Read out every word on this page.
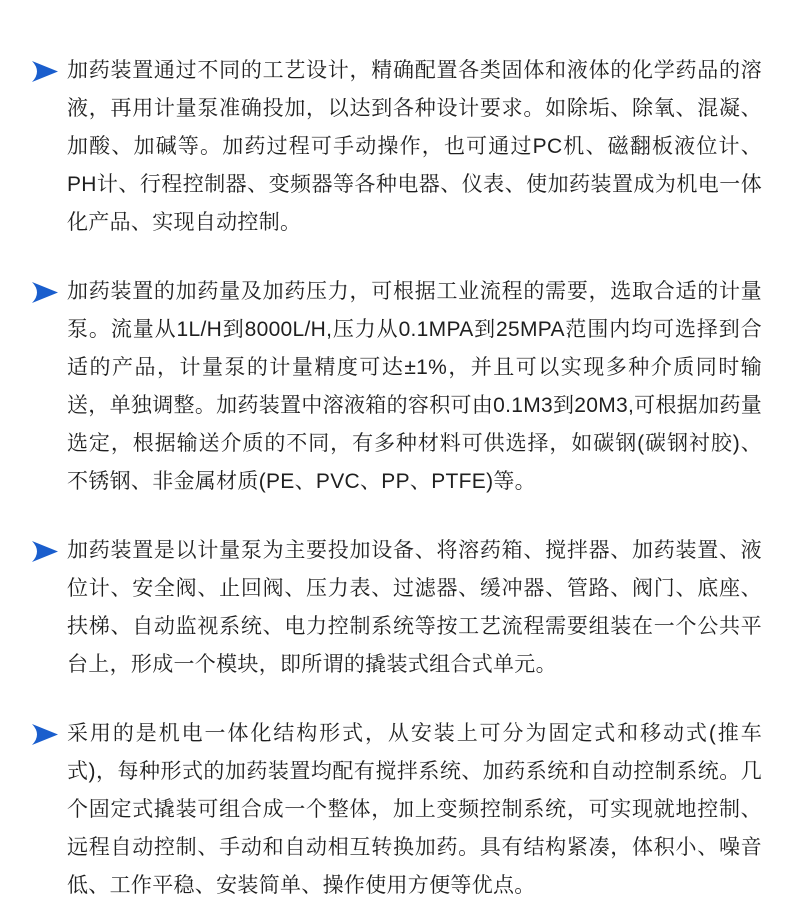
加药装置通过不同的工艺设计，精确配置各类固体和液体的化学药品的溶液，再用计量泵准确投加，以达到各种设计要求。如除垢、除氧、混凝、加酸、加碱等。加药过程可手动操作，也可通过PC机、磁翻板液位计、PH计、行程控制器、变频器等各种电器、仪表、使加药装置成为机电一体化产品、实现自动控制。
加药装置的加药量及加药压力，可根据工业流程的需要，选取合适的计量泵。流量从1L/H到8000L/H,压力从0.1MPA到25MPA范围内均可选择到合适的产品，计量泵的计量精度可达±1%，并且可以实现多种介质同时输送，单独调整。加药装置中溶液箱的容积可由0.1M3到20M3,可根据加药量选定，根据输送介质的不同，有多种材料可供选择，如碳钢(碳钢衬胶)、不锈钢、非金属材质(PE、PVC、PP、PTFE)等。
加药装置是以计量泵为主要投加设备、将溶药箱、搅拌器、加药装置、液位计、安全阀、止回阀、压力表、过滤器、缓冲器、管路、阀门、底座、扶梯、自动监视系统、电力控制系统等按工艺流程需要组装在一个公共平台上，形成一个模块，即所谓的撬装式组合式单元。
采用的是机电一体化结构形式，从安装上可分为固定式和移动式(推车式)，每种形式的加药装置均配有搅拌系统、加药系统和自动控制系统。几个固定式撬装可组合成一个整体，加上变频控制系统，可实现就地控制、远程自动控制、手动和自动相互转换加药。具有结构紧凑，体积小、噪音低、工作平稳、安装简单、操作使用方便等优点。
